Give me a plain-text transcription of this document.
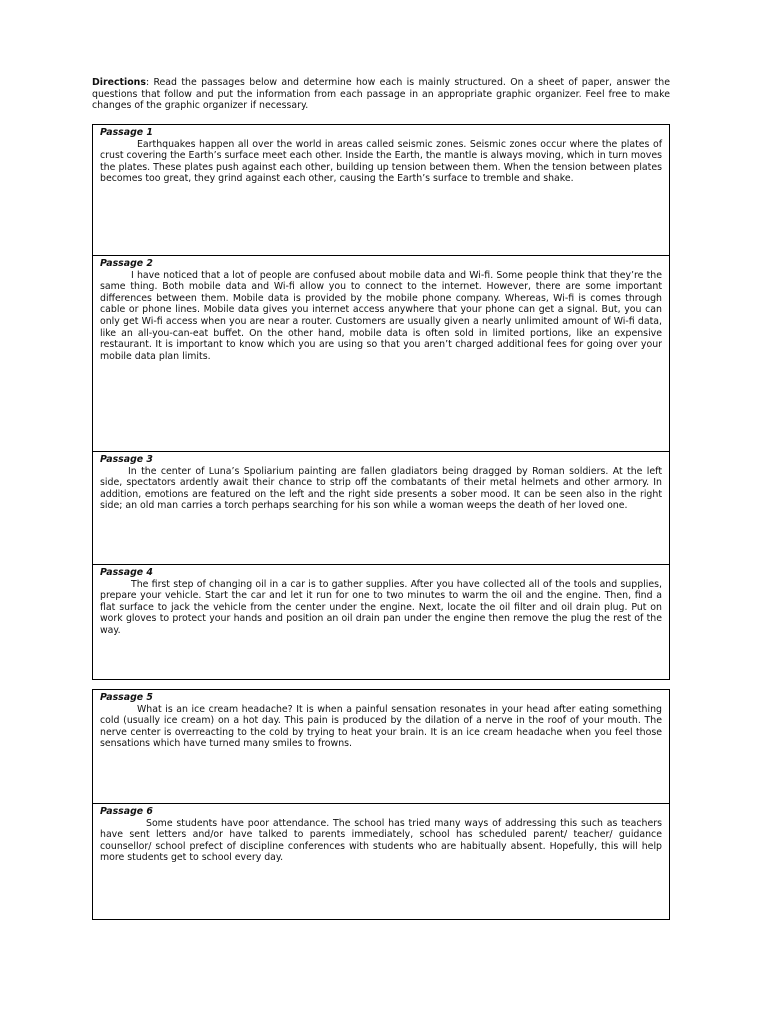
Directions: Read the passages below and determine how each is mainly structured. On a sheet of paper, answer the questions that follow and put the information from each passage in an appropriate graphic organizer. Feel free to make changes of the graphic organizer if necessary.
Passage 1
Earthquakes happen all over the world in areas called seismic zones. Seismic zones occur where the plates of crust covering the Earth’s surface meet each other. Inside the Earth, the mantle is always moving, which in turn moves the plates. These plates push against each other, building up tension between them. When the tension between plates becomes too great, they grind against each other, causing the Earth’s surface to tremble and shake.
Passage 2
I have noticed that a lot of people are confused about mobile data and Wi-fi. Some people think that they’re the same thing. Both mobile data and Wi-fi allow you to connect to the internet. However, there are some important differences between them. Mobile data is provided by the mobile phone company. Whereas, Wi-fi is comes through cable or phone lines. Mobile data gives you internet access anywhere that your phone can get a signal. But, you can only get Wi-fi access when you are near a router. Customers are usually given a nearly unlimited amount of Wi-fi data, like an all-you-can-eat buffet. On the other hand, mobile data is often sold in limited portions, like an expensive restaurant. It is important to know which you are using so that you aren’t charged additional fees for going over your mobile data plan limits.
Passage 3
In the center of Luna’s Spoliarium painting are fallen gladiators being dragged by Roman soldiers. At the left side, spectators ardently await their chance to strip off the combatants of their metal helmets and other armory. In addition, emotions are featured on the left and the right side presents a sober mood. It can be seen also in the right side; an old man carries a torch perhaps searching for his son while a woman weeps the death of her loved one.
Passage 4
The first step of changing oil in a car is to gather supplies. After you have collected all of the tools and supplies, prepare your vehicle. Start the car and let it run for one to two minutes to warm the oil and the engine. Then, find a flat surface to jack the vehicle from the center under the engine. Next, locate the oil filter and oil drain plug. Put on work gloves to protect your hands and position an oil drain pan under the engine then remove the plug the rest of the way.
Passage 5
What is an ice cream headache? It is when a painful sensation resonates in your head after eating something cold (usually ice cream) on a hot day. This pain is produced by the dilation of a nerve in the roof of your mouth. The nerve center is overreacting to the cold by trying to heat your brain. It is an ice cream headache when you feel those sensations which have turned many smiles to frowns.
Passage 6
Some students have poor attendance. The school has tried many ways of addressing this such as teachers have sent letters and/or have talked to parents immediately, school has scheduled parent/ teacher/ guidance counsellor/ school prefect of discipline conferences with students who are habitually absent. Hopefully, this will help more students get to school every day.
